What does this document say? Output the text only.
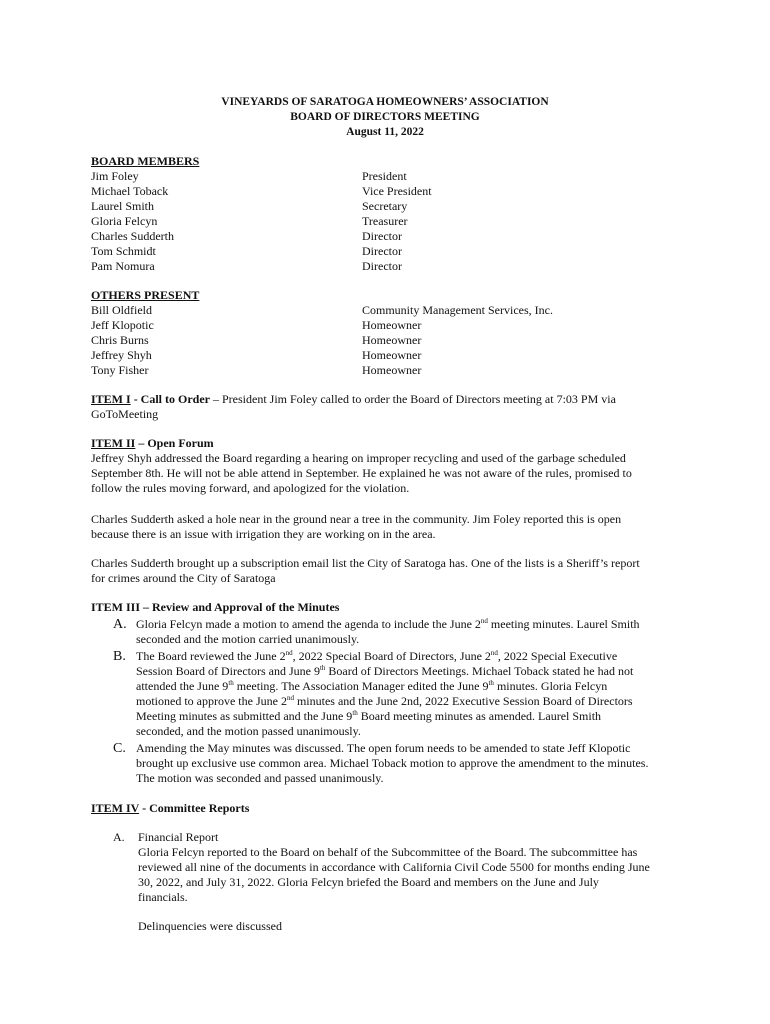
VINEYARDS OF SARATOGA HOMEOWNERS’ ASSOCIATION
BOARD OF DIRECTORS MEETING
August 11, 2022
BOARD MEMBERS
Jim Foley	President
Michael Toback	Vice President
Laurel Smith	Secretary
Gloria Felcyn	Treasurer
Charles Sudderth	Director
Tom Schmidt	Director
Pam Nomura	Director
OTHERS PRESENT
Bill Oldfield	Community Management Services, Inc.
Jeff Klopotic	Homeowner
Chris Burns	Homeowner
Jeffrey Shyh	Homeowner
Tony Fisher	Homeowner
ITEM I - Call to Order – President Jim Foley called to order the Board of Directors meeting at 7:03 PM via
GoToMeeting
ITEM II – Open Forum
Jeffrey Shyh addressed the Board regarding a hearing on improper recycling and used of the garbage scheduled
September 8th. He will not be able attend in September. He explained he was not aware of the rules, promised to
follow the rules moving forward, and apologized for the violation.
Charles Sudderth asked a hole near in the ground near a tree in the community. Jim Foley reported this is open
because there is an issue with irrigation they are working on in the area.
Charles Sudderth brought up a subscription email list the City of Saratoga has. One of the lists is a Sheriff’s report
for crimes around the City of Saratoga
ITEM III – Review and Approval of the Minutes
A. Gloria Felcyn made a motion to amend the agenda to include the June 2nd meeting minutes. Laurel Smith
seconded and the motion carried unanimously.
B. The Board reviewed the June 2nd, 2022 Special Board of Directors, June 2nd, 2022 Special Executive
Session Board of Directors and June 9th Board of Directors Meetings. Michael Toback stated he had not
attended the June 9th meeting. The Association Manager edited the June 9th minutes. Gloria Felcyn
motioned to approve the June 2nd minutes and the June 2nd, 2022 Executive Session Board of Directors
Meeting minutes as submitted and the June 9th Board meeting minutes as amended. Laurel Smith
seconded, and the motion passed unanimously.
C. Amending the May minutes was discussed. The open forum needs to be amended to state Jeff Klopotic
brought up exclusive use common area. Michael Toback motion to approve the amendment to the minutes.
The motion was seconded and passed unanimously.
ITEM IV - Committee Reports
A. Financial Report
Gloria Felcyn reported to the Board on behalf of the Subcommittee of the Board. The subcommittee has
reviewed all nine of the documents in accordance with California Civil Code 5500 for months ending June
30, 2022, and July 31, 2022. Gloria Felcyn briefed the Board and members on the June and July
financials.
Delinquencies were discussed
